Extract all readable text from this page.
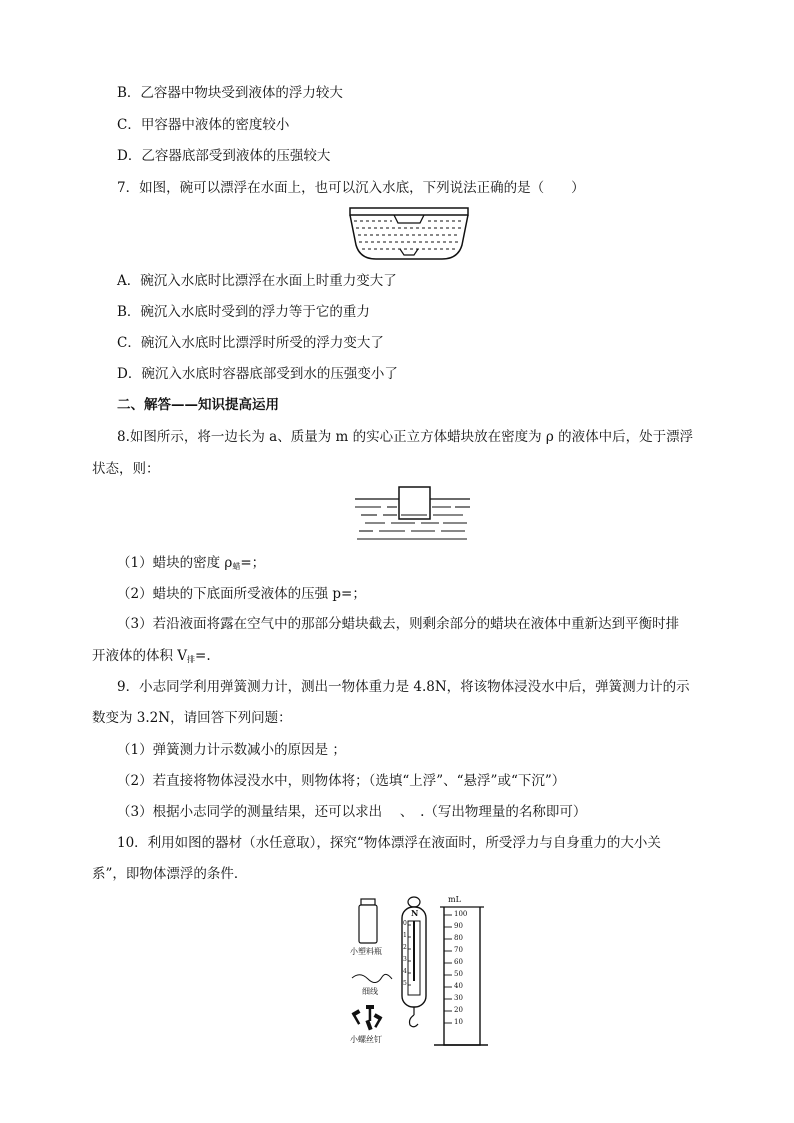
B．乙容器中物块受到液体的浮力较大
C．甲容器中液体的密度较小
D．乙容器底部受到液体的压强较大
7．如图，碗可以漂浮在水面上，也可以沉入水底，下列说法正确的是（　　）
A．碗沉入水底时比漂浮在水面上时重力变大了
B．碗沉入水底时受到的浮力等于它的重力
C．碗沉入水底时比漂浮时所受的浮力变大了
D．碗沉入水底时容器底部受到水的压强变小了
二、解答——知识提高运用
8.如图所示，将一边长为 a、质量为 m 的实心正立方体蜡块放在密度为 ρ 的液体中后，处于漂浮
状态，则：
（1）蜡块的密度 $\rho_蜡=$；
（2）蜡块的下底面所受液体的压强 p=；
（3）若沿液面将露在空气中的那部分蜡块截去，则剩余部分的蜡块在液体中重新达到平衡时排
开液体的体积 $V_排=$.
9．小志同学利用弹簧测力计，测出一物体重力是 4.8N，将该物体浸没水中后，弹簧测力计的示
数变为 3.2N，请回答下列问题：
（1）弹簧测力计示数减小的原因是 ；
（2）若直接将物体浸没水中，则物体将；（选填“上浮”、“悬浮”或“下沉”）
（3）根据小志同学的测量结果，还可以求出 　、　.（写出物理量的名称即可）
10．利用如图的器材（水任意取），探究“物体漂浮在液面时，所受浮力与自身重力的大小关
系”，即物体漂浮的条件．
小塑料瓶
细线
小螺丝钉
N
mL
0
1
2
3
4
5
100
90
80
70
60
50
40
30
20
10
